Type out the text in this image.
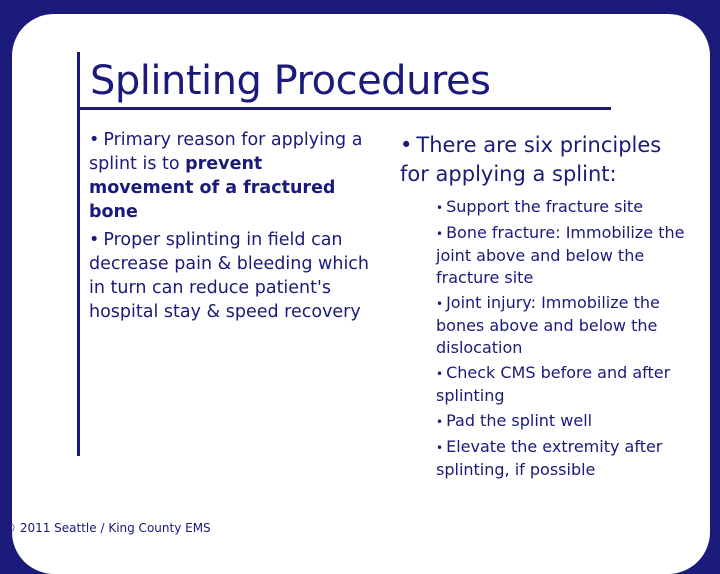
Splinting Procedures

• Primary reason for applying a splint is to prevent movement of a fractured bone

• Proper splinting in field can decrease pain & bleeding which in turn can reduce patient's hospital stay & speed recovery

• There are six principles for applying a splint:

• Support the fracture site
• Bone fracture: Immobilize the joint above and below the fracture site
• Joint injury: Immobilize the bones above and below the dislocation
• Check CMS before and after splinting
• Pad the splint well
• Elevate the extremity after splinting, if possible
© 2011 Seattle / King County EMS
